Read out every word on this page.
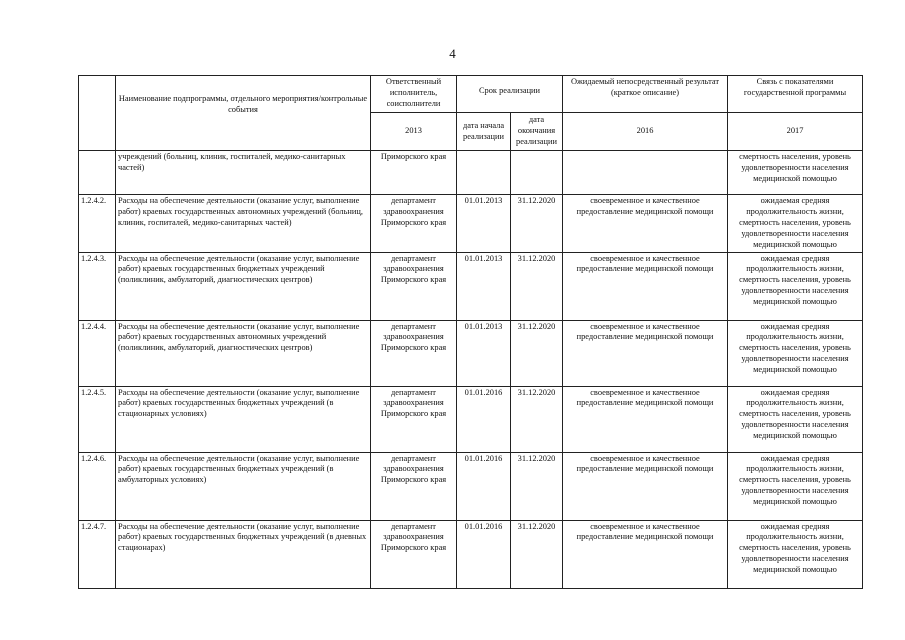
4
	Наименование подпрограммы, отдельного мероприятия/контрольные события	Ответственный исполнитель, соисполнители	Срок реализации		Ожидаемый непосредственный результат (краткое описание)	Связь с показателями государственной программы
		2013	дата начала реализации	дата окончания реализации	2016	2017
	учреждений (больниц, клиник, госпиталей, медико-санитарных частей)	Приморского края				смертность населения, уровень удовлетворенности населения медицинской помощью
1.2.4.2.	Расходы на обеспечение деятельности (оказание услуг, выполнение работ) краевых государственных автономных учреждений (больниц, клиник, госпиталей, медико-санитарных частей)	департамент здравоохранения Приморского края	01.01.2013	31.12.2020	своевременное и качественное предоставление медицинской помощи	ожидаемая средняя продолжительность жизни, смертность населения, уровень удовлетворенности населения медицинской помощью
1.2.4.3.	Расходы на обеспечение деятельности (оказание услуг, выполнение работ) краевых государственных бюджетных учреждений (поликлиник, амбулаторий, диагностических центров)	департамент здравоохранения Приморского края	01.01.2013	31.12.2020	своевременное и качественное предоставление медицинской помощи	ожидаемая средняя продолжительность жизни, смертность населения, уровень удовлетворенности населения медицинской помощью
1.2.4.4.	Расходы на обеспечение деятельности (оказание услуг, выполнение работ) краевых государственных автономных учреждений (поликлиник, амбулаторий, диагностических центров)	департамент здравоохранения Приморского края	01.01.2013	31.12.2020	своевременное и качественное предоставление медицинской помощи	ожидаемая средняя продолжительность жизни, смертность населения, уровень удовлетворенности населения медицинской помощью
1.2.4.5.	Расходы на обеспечение деятельности (оказание услуг, выполнение работ) краевых государственных бюджетных учреждений (в стационарных условиях)	департамент здравоохранения Приморского края	01.01.2016	31.12.2020	своевременное и качественное предоставление медицинской помощи	ожидаемая средняя продолжительность жизни, смертность населения, уровень удовлетворенности населения медицинской помощью
1.2.4.6.	Расходы на обеспечение деятельности (оказание услуг, выполнение работ) краевых государственных бюджетных учреждений (в амбулаторных условиях)	департамент здравоохранения Приморского края	01.01.2016	31.12.2020	своевременное и качественное предоставление медицинской помощи	ожидаемая средняя продолжительность жизни, смертность населения, уровень удовлетворенности населения медицинской помощью
1.2.4.7.	Расходы на обеспечение деятельности (оказание услуг, выполнение работ) краевых государственных бюджетных учреждений (в дневных стационарах)	департамент здравоохранения Приморского края	01.01.2016	31.12.2020	своевременное и качественное предоставление медицинской помощи	ожидаемая средняя продолжительность жизни, смертность населения, уровень удовлетворенности населения медицинской помощью
